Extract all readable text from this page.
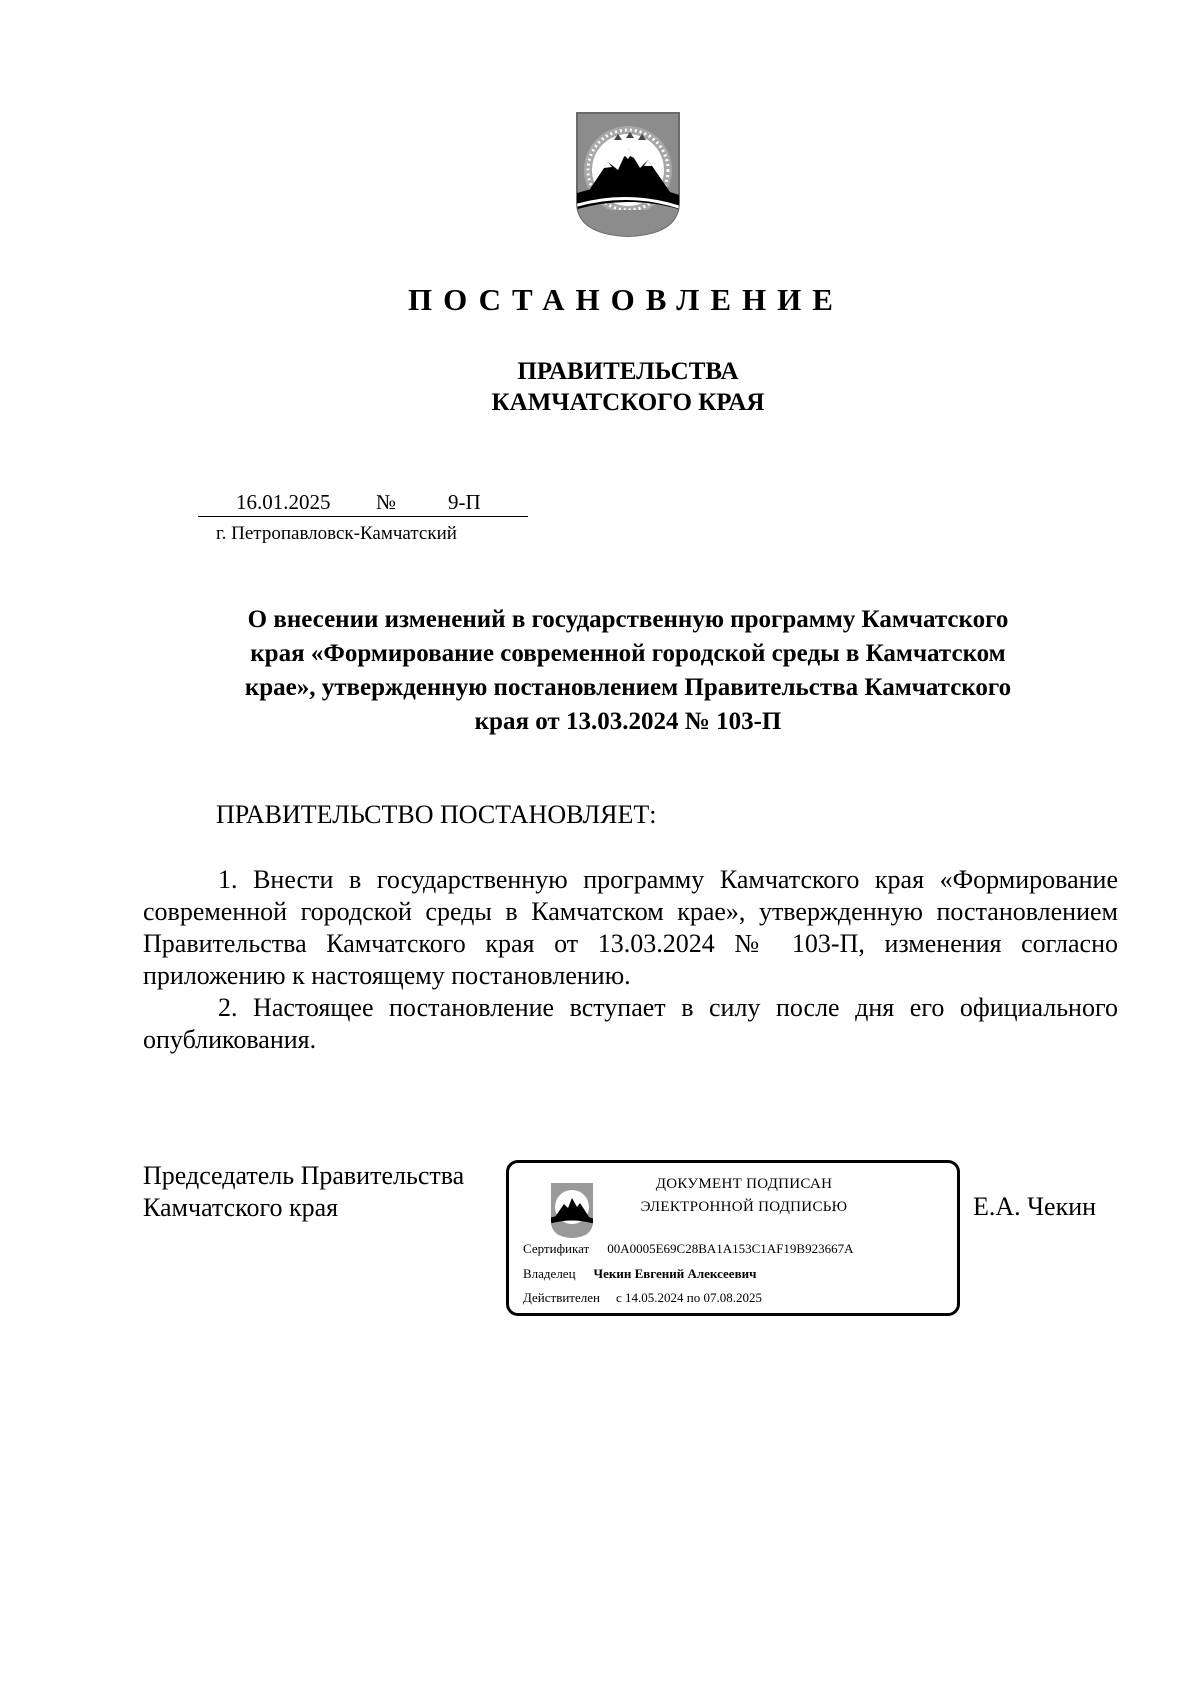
ПОСТАНОВЛЕНИЕ
ПРАВИТЕЛЬСТВА
КАМЧАТСКОГО КРАЯ
16.01.2025 № 9-П
г. Петропавловск-Камчатский
О внесении изменений в государственную программу Камчатского
края «Формирование современной городской среды в Камчатском
крае», утвержденную постановлением Правительства Камчатского
края от 13.03.2024 № 103-П
ПРАВИТЕЛЬСТВО ПОСТАНОВЛЯЕТ:

1. Внести в государственную программу Камчатского края «Формирование современной городской среды в Камчатском крае», утвержденную постановлением Правительства Камчатского края от 13.03.2024 № 103-П, изменения согласно приложению к настоящему постановлению.

2. Настоящее постановление вступает в силу после дня его официального опубликования.

Председатель Правительства
Камчатского края
ДОКУМЕНТ ПОДПИСАН
ЭЛЕКТРОННОЙ ПОДПИСЬЮ
Сертификат 00A0005E69C28BA1A153C1AF19B923667A
Владелец Чекин Евгений Алексеевич
Действителен с 14.05.2024 по 07.08.2025
Е.А. Чекин
